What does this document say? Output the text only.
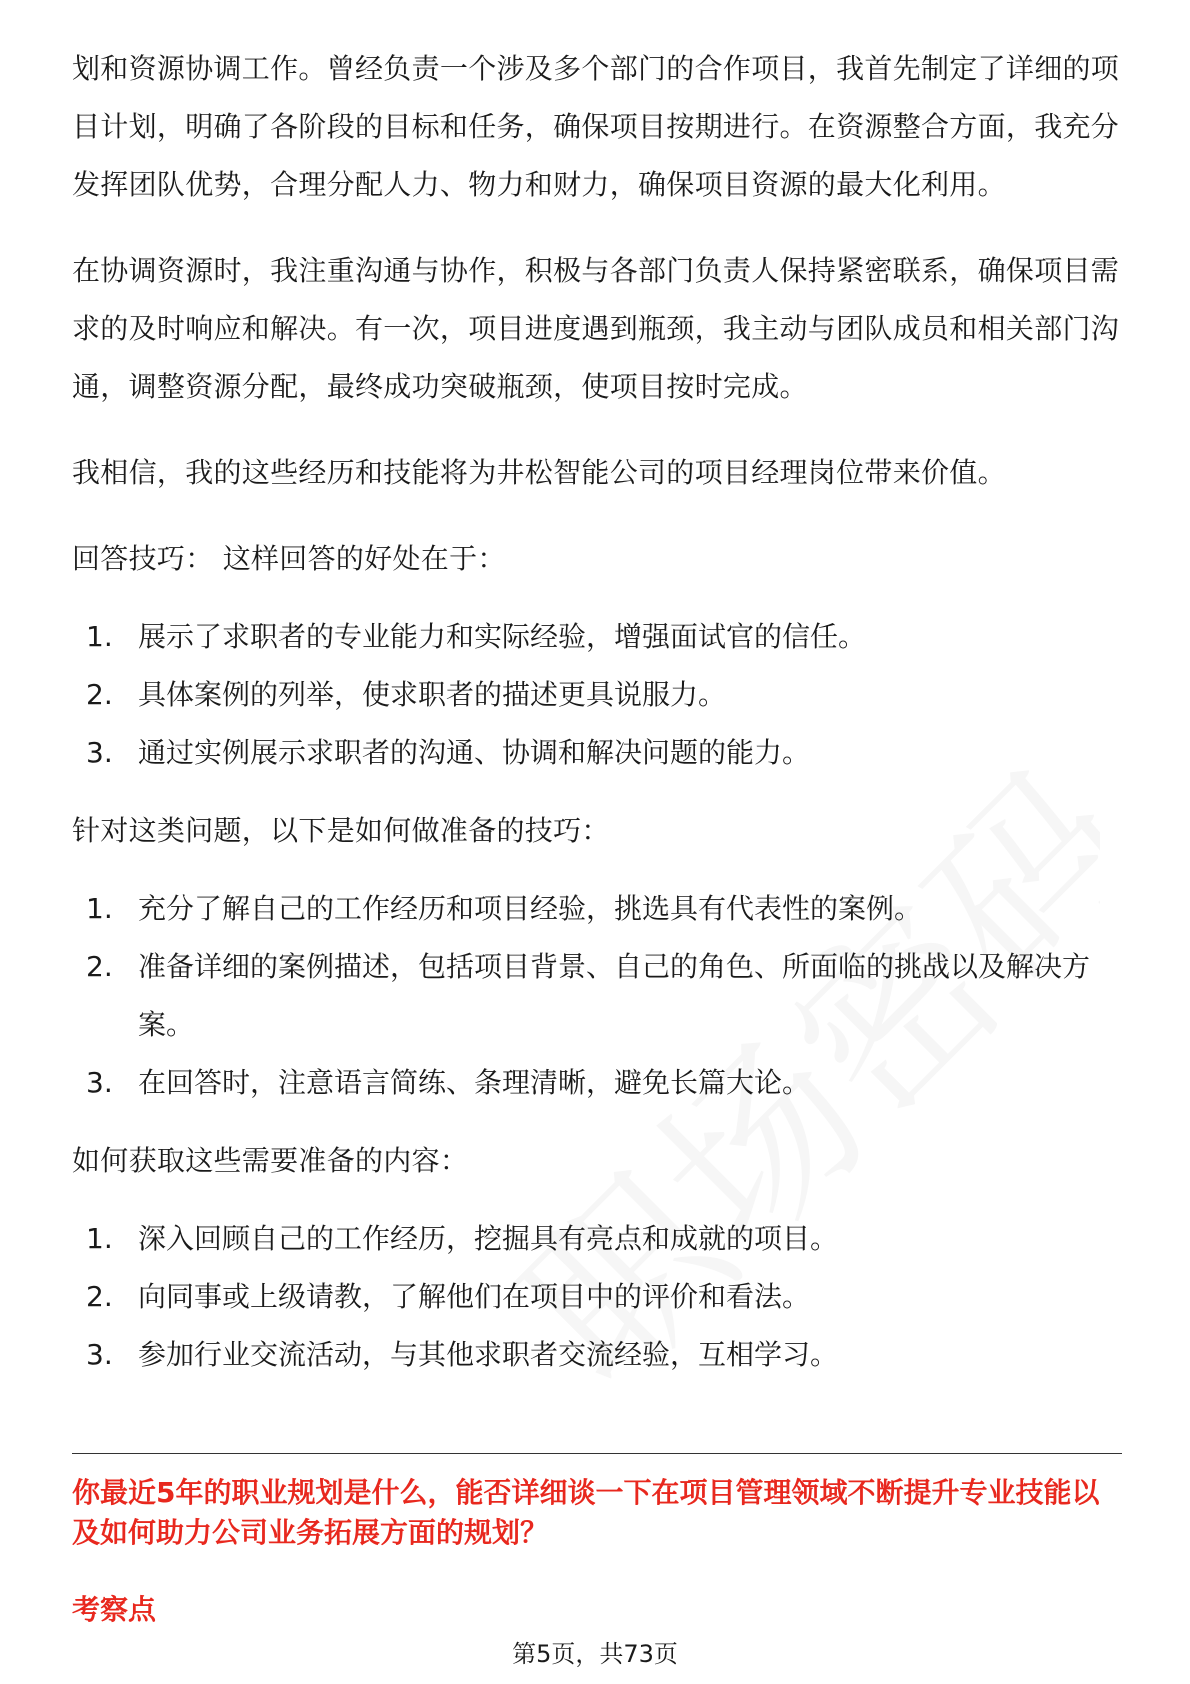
职场密码

划和资源协调工作。曾经负责一个涉及多个部门的合作项目，我首先制定了详细的项目计划，明确了各阶段的目标和任务，确保项目按期进行。在资源整合方面，我充分发挥团队优势，合理分配人力、物力和财力，确保项目资源的最大化利用。

在协调资源时，我注重沟通与协作，积极与各部门负责人保持紧密联系，确保项目需求的及时响应和解决。有一次，项目进度遇到瓶颈，我主动与团队成员和相关部门沟通，调整资源分配，最终成功突破瓶颈，使项目按时完成。

我相信，我的这些经历和技能将为井松智能公司的项目经理岗位带来价值。

回答技巧： 这样回答的好处在于：

1. 展示了求职者的专业能力和实际经验，增强面试官的信任。
2. 具体案例的列举，使求职者的描述更具说服力。
3. 通过实例展示求职者的沟通、协调和解决问题的能力。

针对这类问题，以下是如何做准备的技巧：

1. 充分了解自己的工作经历和项目经验，挑选具有代表性的案例。
2. 准备详细的案例描述，包括项目背景、自己的角色、所面临的挑战以及解决方案。
3. 在回答时，注意语言简练、条理清晰，避免长篇大论。

如何获取这些需要准备的内容：

1. 深入回顾自己的工作经历，挖掘具有亮点和成就的项目。
2. 向同事或上级请教，了解他们在项目中的评价和看法。
3. 参加行业交流活动，与其他求职者交流经验，互相学习。

你最近5年的职业规划是什么，能否详细谈一下在项目管理领域不断提升专业技能以及如何助力公司业务拓展方面的规划？

考察点

第5页，共73页
